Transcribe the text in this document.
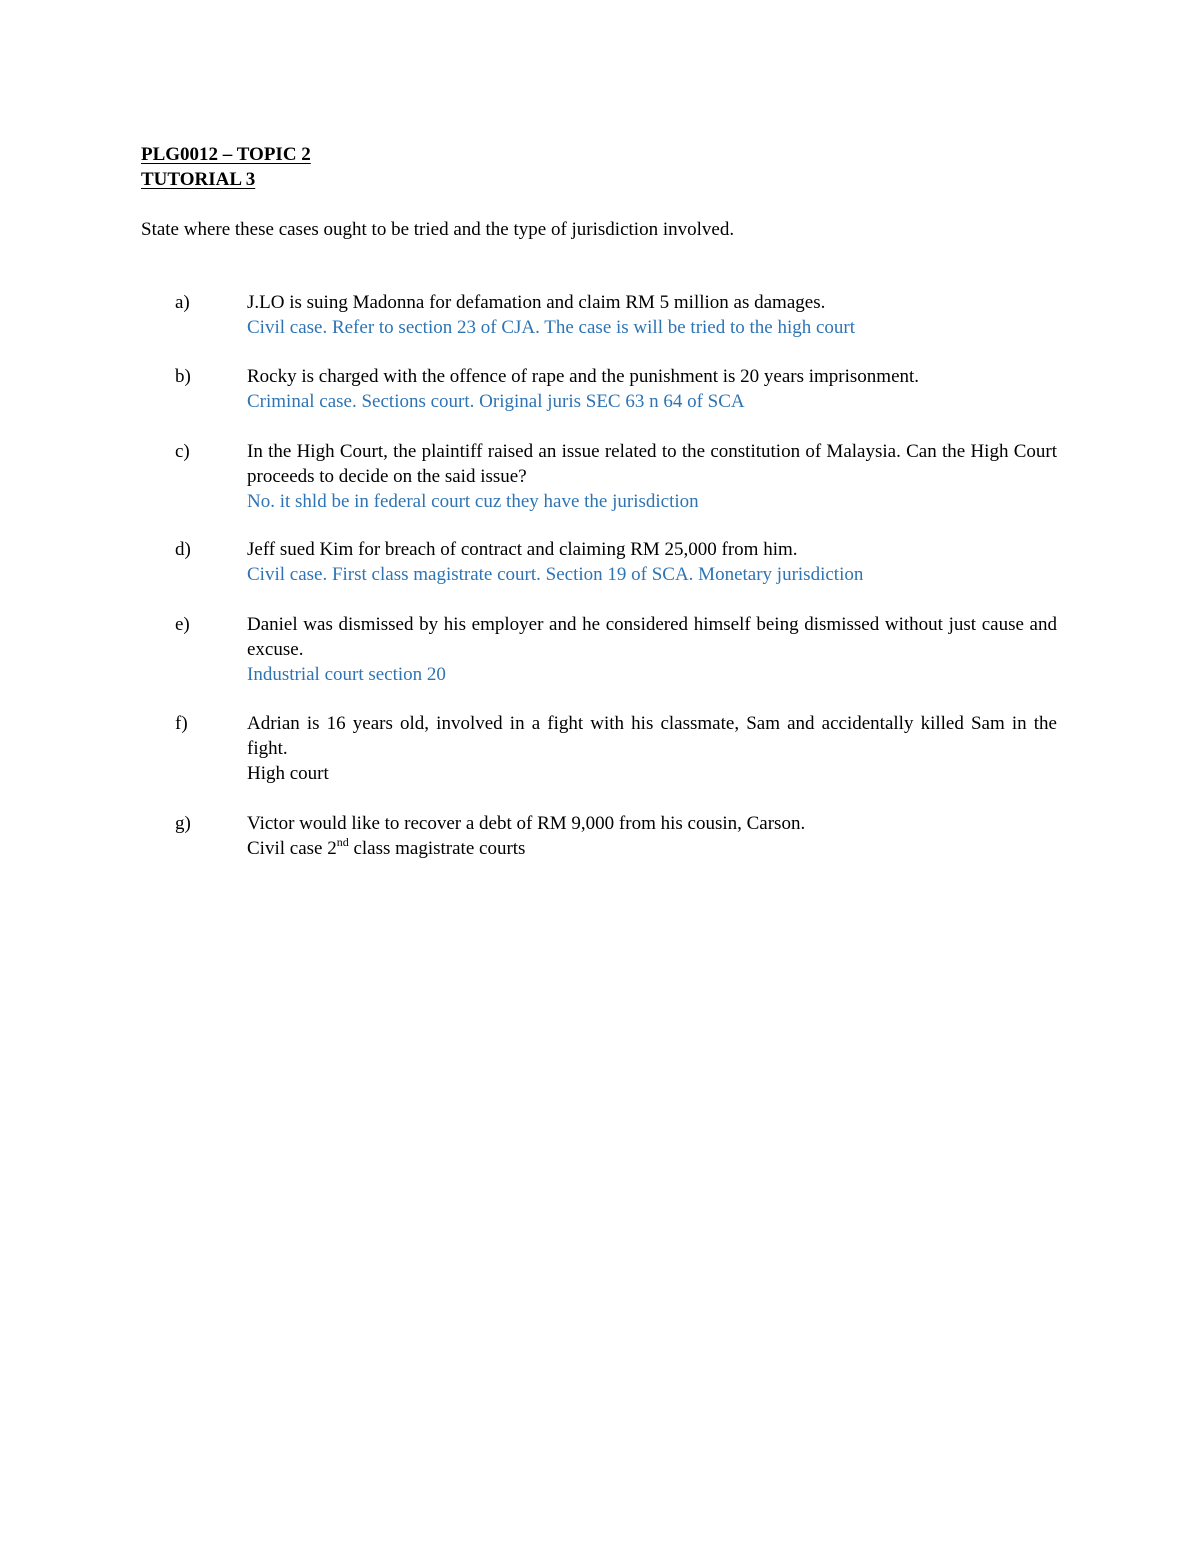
PLG0012 – TOPIC 2
TUTORIAL 3
State where these cases ought to be tried and the type of jurisdiction involved.
a)	J.LO is suing Madonna for defamation and claim RM 5 million as damages.
Civil case. Refer to section 23 of CJA. The case is will be tried to the high court
b)	Rocky is charged with the offence of rape and the punishment is 20 years imprisonment.
Criminal case. Sections court. Original juris SEC 63 n 64 of SCA
c)	In the High Court, the plaintiff raised an issue related to the constitution of Malaysia. Can the High Court proceeds to decide on the said issue?
No. it shld be in federal court cuz they have the jurisdiction
d)	Jeff sued Kim for breach of contract and claiming RM 25,000 from him.
Civil case. First class magistrate court. Section 19 of SCA. Monetary jurisdiction
e)	Daniel was dismissed by his employer and he considered himself being dismissed without just cause and excuse.
Industrial court section 20
f)	Adrian is 16 years old, involved in a fight with his classmate, Sam and accidentally killed Sam in the fight.
High court
g)	Victor would like to recover a debt of RM 9,000 from his cousin, Carson.
Civil case 2nd class magistrate courts
